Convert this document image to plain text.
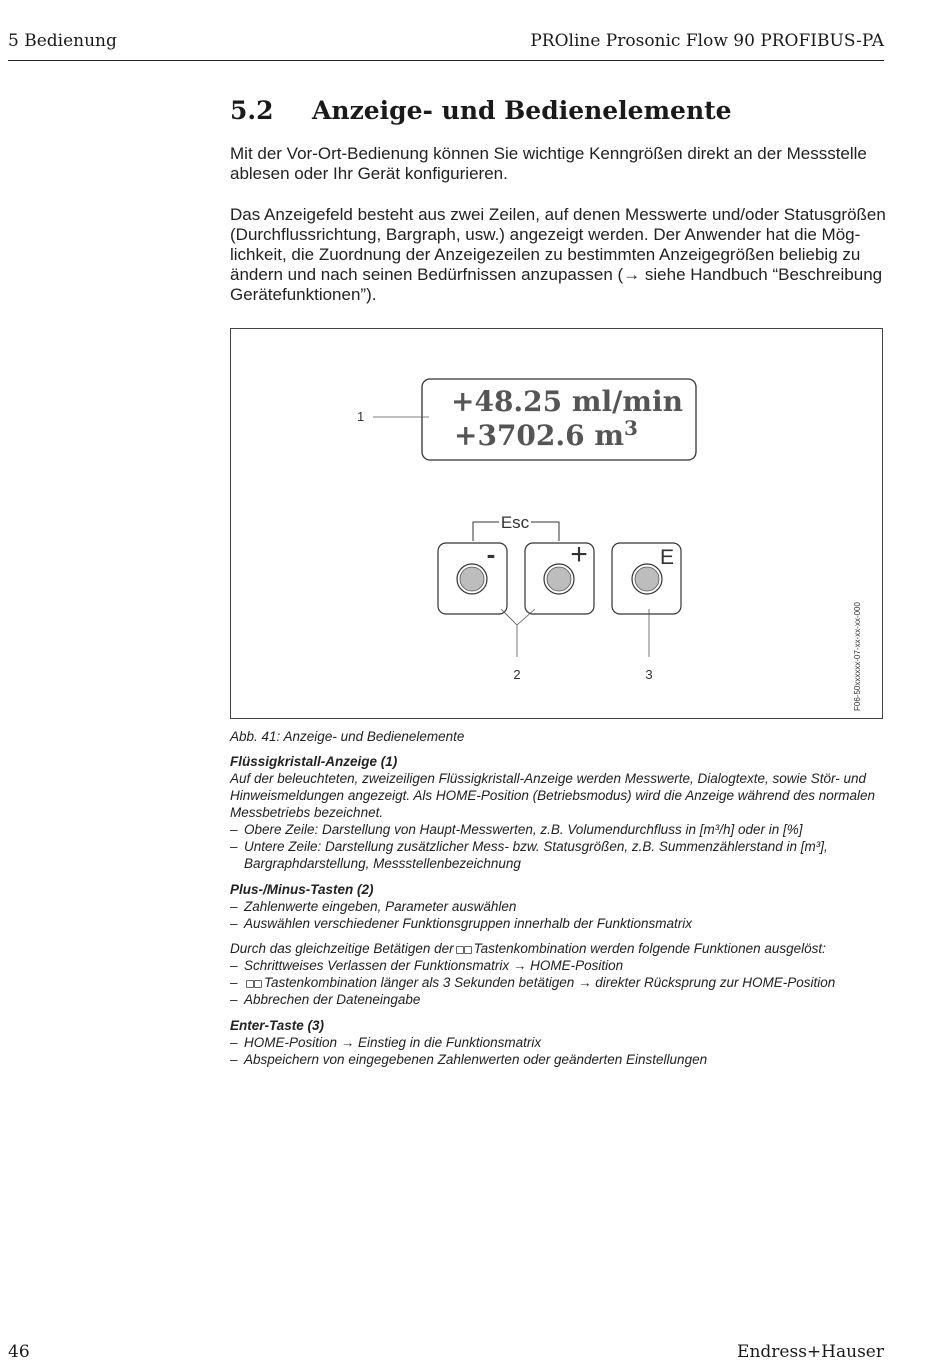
5 Bedienung	PROline Prosonic Flow 90 PROFIBUS-PA
5.2 Anzeige- und Bedienelemente
Mit der Vor-Ort-Bedienung können Sie wichtige Kenngrößen direkt an der Messstelle
ablesen oder Ihr Gerät konfigurieren.
Das Anzeigefeld besteht aus zwei Zeilen, auf denen Messwerte und/oder Statusgrößen
(Durchflussrichtung, Bargraph, usw.) angezeigt werden. Der Anwender hat die Mög-
lichkeit, die Zuordnung der Anzeigezeilen zu bestimmten Anzeigegrößen beliebig zu
ändern und nach seinen Bedürfnissen anzupassen (→ siehe Handbuch “Beschreibung
Gerätefunktionen”).
+48.25 ml/min
+3702.6 $m^3$
1
Esc
- +	E
2	3	F06-50xxxxxx-07-xx-xx-xx-000
Abb. 41: Anzeige- und Bedienelemente
Flüssigkristall-Anzeige (1)
Auf der beleuchteten, zweizeiligen Flüssigkristall-Anzeige werden Messwerte, Dialogtexte, sowie Stör- und
Hinweismeldungen angezeigt. Als HOME-Position (Betriebsmodus) wird die Anzeige während des normalen
Messbetriebs bezeichnet.
– Obere Zeile: Darstellung von Haupt-Messwerten, z.B. Volumendurchfluss in [m³/h] oder in [%]
– Untere Zeile: Darstellung zusätzlicher Mess- bzw. Statusgrößen, z.B. Summenzählerstand in [m³],
Bargraphdarstellung, Messstellenbezeichnung
Plus-/Minus-Tasten (2)
– Zahlenwerte eingeben, Parameter auswählen
– Auswählen verschiedener Funktionsgruppen innerhalb der Funktionsmatrix
Durch das gleichzeitige Betätigen der Tastenkombination werden folgende Funktionen ausgelöst:
– Schrittweises Verlassen der Funktionsmatrix → HOME-Position
– Tastenkombination länger als 3 Sekunden betätigen → direkter Rücksprung zur HOME-Position
– Abbrechen der Dateneingabe
Enter-Taste (3)
– HOME-Position → Einstieg in die Funktionsmatrix
– Abspeichern von eingegebenen Zahlenwerten oder geänderten Einstellungen
46	Endress+Hauser
